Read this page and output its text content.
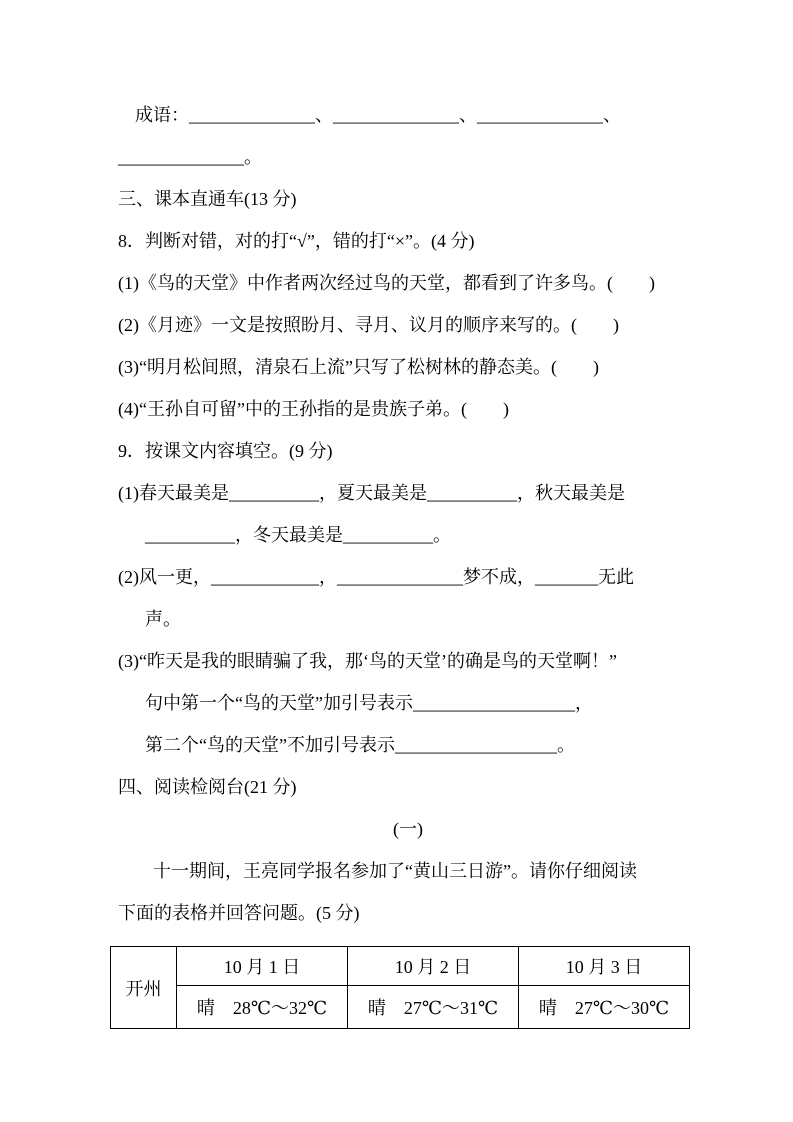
成语：______________、______________、______________、
______________。
三、课本直通车(13 分)
8．判断对错，对的打“√”，错的打“×”。(4 分)
(1)《鸟的天堂》中作者两次经过鸟的天堂，都看到了许多鸟。(　　)
(2)《月迹》一文是按照盼月、寻月、议月的顺序来写的。(　　)
(3)“明月松间照，清泉石上流”只写了松树林的静态美。(　　)
(4)“王孙自可留”中的王孙指的是贵族子弟。(　　)
9．按课文内容填空。(9 分)
(1)春天最美是__________，夏天最美是__________，秋天最美是
__________，冬天最美是__________。
(2)风一更，____________，______________梦不成，_______无此
声。
(3)“昨天是我的眼睛骗了我，那‘鸟的天堂’的确是鸟的天堂啊！”
句中第一个“鸟的天堂”加引号表示__________________，
第二个“鸟的天堂”不加引号表示__________________。
四、阅读检阅台(21 分)
(一)
十一期间，王亮同学报名参加了“黄山三日游”。请你仔细阅读
下面的表格并回答问题。(5 分)
开州	10 月 1 日	10 月 2 日	10 月 3 日
	晴　28℃～32℃	晴　27℃～31℃	晴　27℃～30℃
